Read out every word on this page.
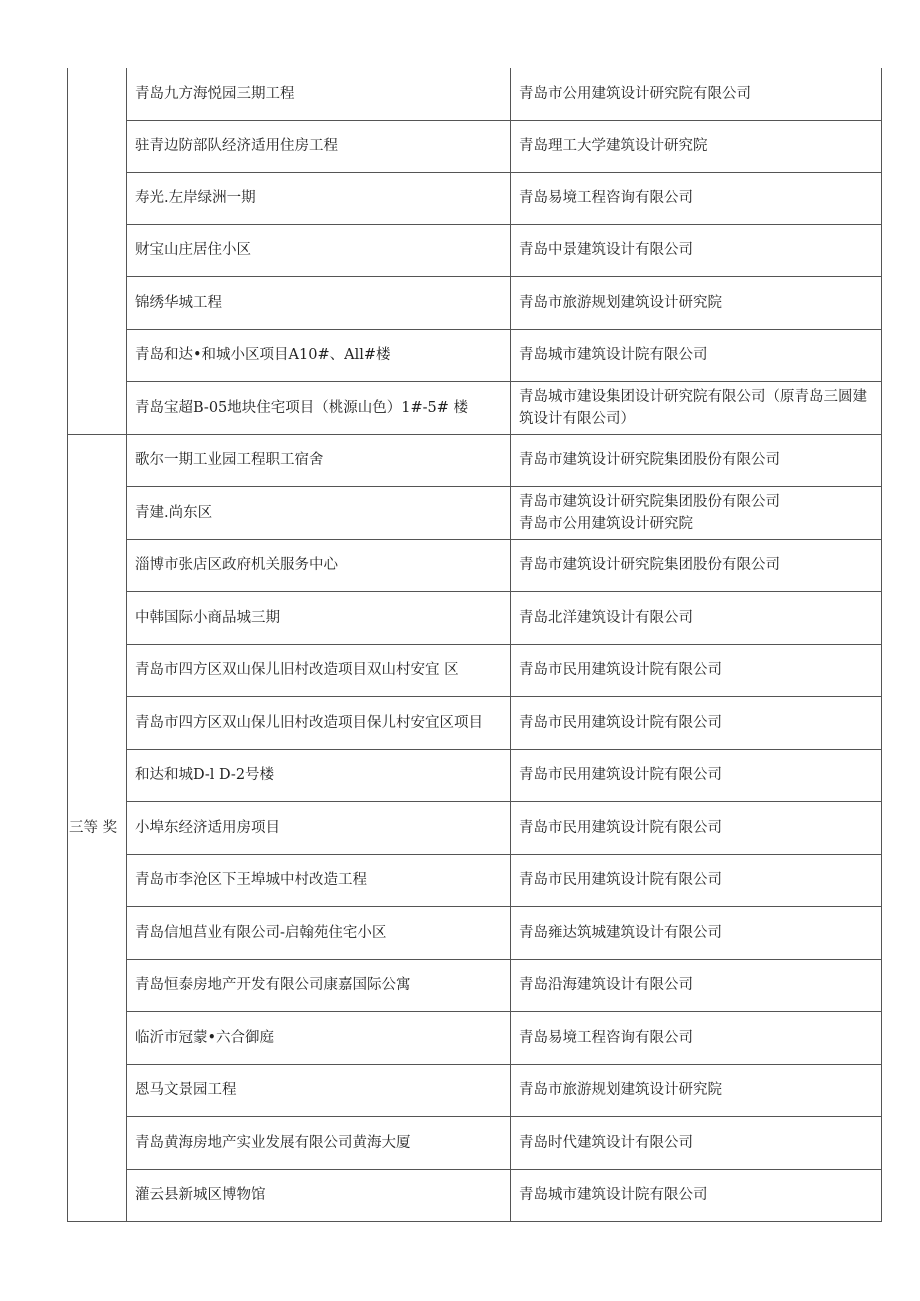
	青岛九方海悦园三期工程	青岛市公用建筑设计研究院有限公司
	驻青边防部队经济适用住房工程	青岛理工大学建筑设计研究院
	寿光.左岸绿洲一期	青岛易境工程咨询有限公司
	财宝山庄居住小区	青岛中景建筑设计有限公司
	锦绣华城工程	青岛市旅游规划建筑设计研究院
	青岛和达•和城小区项目A10#、All#楼	青岛城市建筑设计院有限公司
	青岛宝超B-05地块住宅项目（桃源山色）1#-5# 楼	青岛城市建设集团设计研究院有限公司（原青岛三圆建筑设计有限公司）
三等 奖	歌尔一期工业园工程职工宿舍	青岛市建筑设计研究院集团股份有限公司
	青建.尚东区	青岛市建筑设计研究院集团股份有限公司
青岛市公用建筑设计研究院

	淄博市张店区政府机关服务中心	青岛市建筑设计研究院集团股份有限公司
	中韩国际小商品城三期	青岛北洋建筑设计有限公司
	青岛市四方区双山保儿旧村改造项目双山村安宜 区	青岛市民用建筑设计院有限公司
	青岛市四方区双山保儿旧村改造项目保儿村安宜区项目	青岛市民用建筑设计院有限公司
	和达和城D-l D-2号楼	青岛市民用建筑设计院有限公司
	小埠东经济适用房项目	青岛市民用建筑设计院有限公司
	青岛市李沧区下王埠城中村改造工程	青岛市民用建筑设计院有限公司
	青岛信旭莒业有限公司-启翰苑住宅小区	青岛雍达筑城建筑设计有限公司
	青岛恒泰房地产开发有限公司康嘉国际公寓	青岛沿海建筑设计有限公司
	临沂市冠蒙•六合御庭	青岛易境工程咨询有限公司
	恩马文景园工程	青岛市旅游规划建筑设计研究院
	青岛黄海房地产实业发展有限公司黄海大厦	青岛时代建筑设计有限公司
	灌云县新城区博物馆	青岛城市建筑设计院有限公司
